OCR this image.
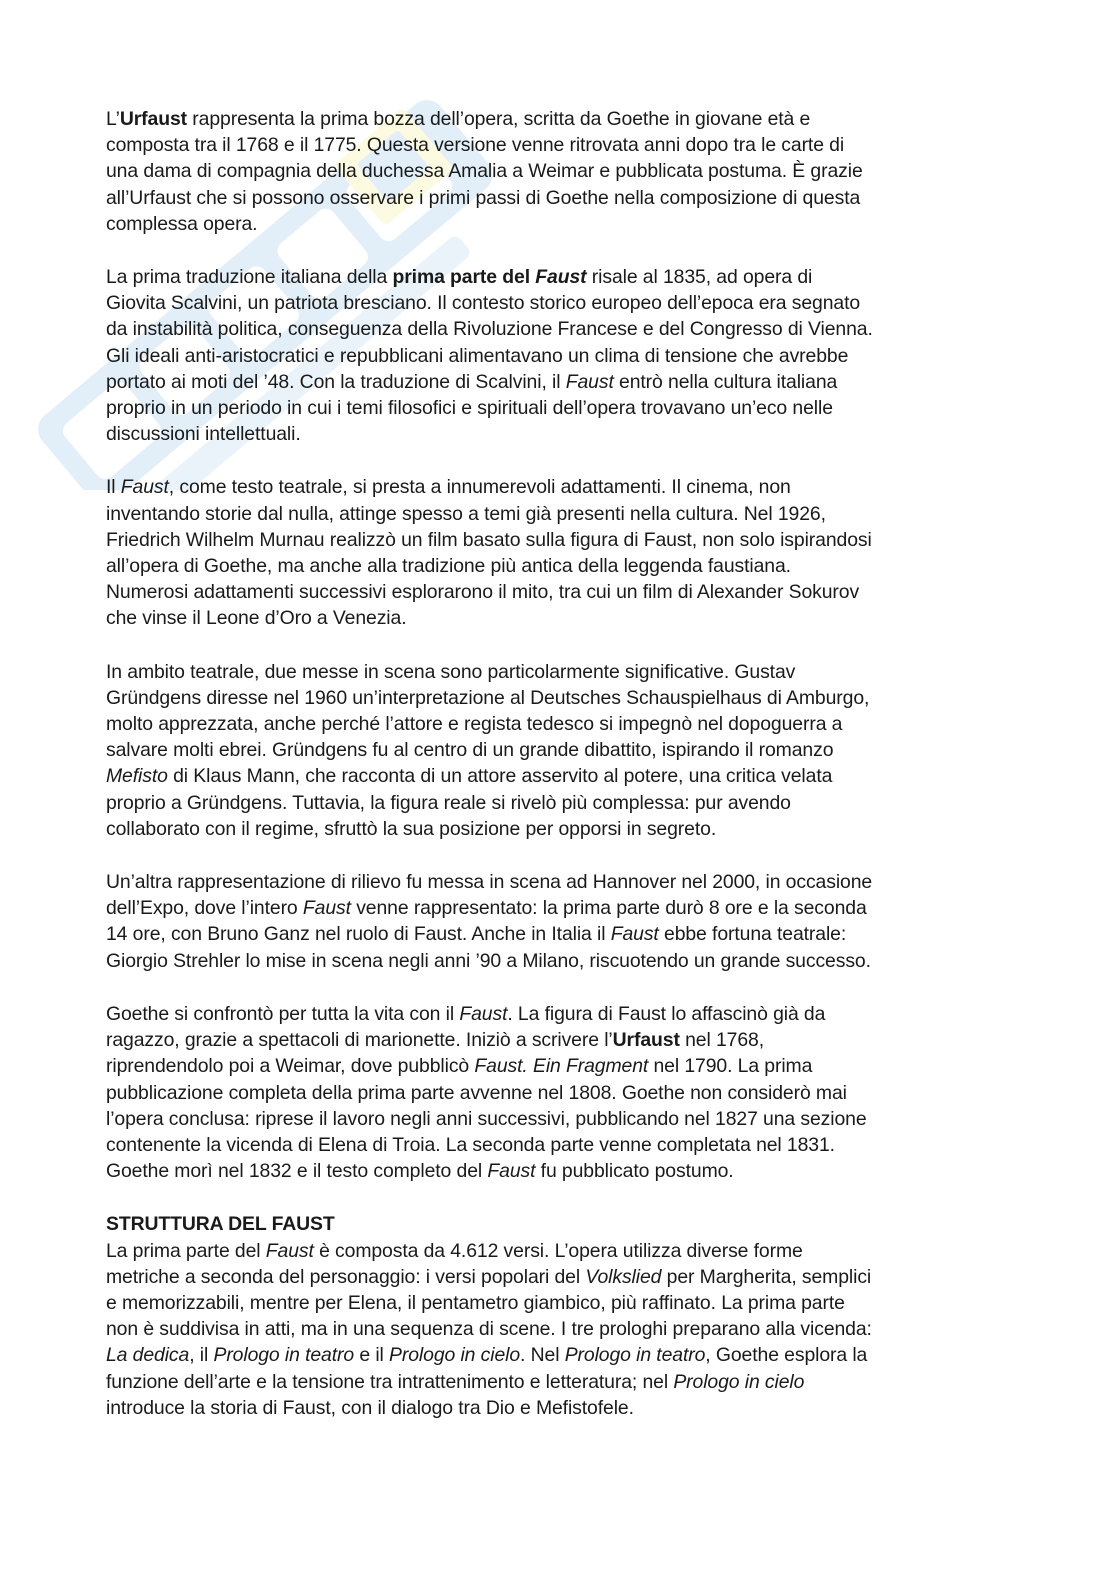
L’Urfaust rappresenta la prima bozza dell’opera, scritta da Goethe in giovane età e
composta tra il 1768 e il 1775. Questa versione venne ritrovata anni dopo tra le carte di
una dama di compagnia della duchessa Amalia a Weimar e pubblicata postuma. È grazie
all’Urfaust che si possono osservare i primi passi di Goethe nella composizione di questa
complessa opera.
La prima traduzione italiana della prima parte del Faust risale al 1835, ad opera di
Giovita Scalvini, un patriota bresciano. Il contesto storico europeo dell’epoca era segnato
da instabilità politica, conseguenza della Rivoluzione Francese e del Congresso di Vienna.
Gli ideali anti-aristocratici e repubblicani alimentavano un clima di tensione che avrebbe
portato ai moti del ’48. Con la traduzione di Scalvini, il Faust entrò nella cultura italiana
proprio in un periodo in cui i temi filosofici e spirituali dell’opera trovavano un’eco nelle
discussioni intellettuali.
Il Faust, come testo teatrale, si presta a innumerevoli adattamenti. Il cinema, non
inventando storie dal nulla, attinge spesso a temi già presenti nella cultura. Nel 1926,
Friedrich Wilhelm Murnau realizzò un film basato sulla figura di Faust, non solo ispirandosi
all’opera di Goethe, ma anche alla tradizione più antica della leggenda faustiana.
Numerosi adattamenti successivi esplorarono il mito, tra cui un film di Alexander Sokurov
che vinse il Leone d’Oro a Venezia.
In ambito teatrale, due messe in scena sono particolarmente significative. Gustav
Gründgens diresse nel 1960 un’interpretazione al Deutsches Schauspielhaus di Amburgo,
molto apprezzata, anche perché l’attore e regista tedesco si impegnò nel dopoguerra a
salvare molti ebrei. Gründgens fu al centro di un grande dibattito, ispirando il romanzo
Mefisto di Klaus Mann, che racconta di un attore asservito al potere, una critica velata
proprio a Gründgens. Tuttavia, la figura reale si rivelò più complessa: pur avendo
collaborato con il regime, sfruttò la sua posizione per opporsi in segreto.
Un’altra rappresentazione di rilievo fu messa in scena ad Hannover nel 2000, in occasione
dell’Expo, dove l’intero Faust venne rappresentato: la prima parte durò 8 ore e la seconda
14 ore, con Bruno Ganz nel ruolo di Faust. Anche in Italia il Faust ebbe fortuna teatrale:
Giorgio Strehler lo mise in scena negli anni ’90 a Milano, riscuotendo un grande successo.
Goethe si confrontò per tutta la vita con il Faust. La figura di Faust lo affascinò già da
ragazzo, grazie a spettacoli di marionette. Iniziò a scrivere l’Urfaust nel 1768,
riprendendolo poi a Weimar, dove pubblicò Faust. Ein Fragment nel 1790. La prima
pubblicazione completa della prima parte avvenne nel 1808. Goethe non considerò mai
l’opera conclusa: riprese il lavoro negli anni successivi, pubblicando nel 1827 una sezione
contenente la vicenda di Elena di Troia. La seconda parte venne completata nel 1831.
Goethe morì nel 1832 e il testo completo del Faust fu pubblicato postumo.
STRUTTURA DEL FAUST
La prima parte del Faust è composta da 4.612 versi. L’opera utilizza diverse forme
metriche a seconda del personaggio: i versi popolari del Volkslied per Margherita, semplici
e memorizzabili, mentre per Elena, il pentametro giambico, più raffinato. La prima parte
non è suddivisa in atti, ma in una sequenza di scene. I tre prologhi preparano alla vicenda:
La dedica, il Prologo in teatro e il Prologo in cielo. Nel Prologo in teatro, Goethe esplora la
funzione dell’arte e la tensione tra intrattenimento e letteratura; nel Prologo in cielo
introduce la storia di Faust, con il dialogo tra Dio e Mefistofele.
